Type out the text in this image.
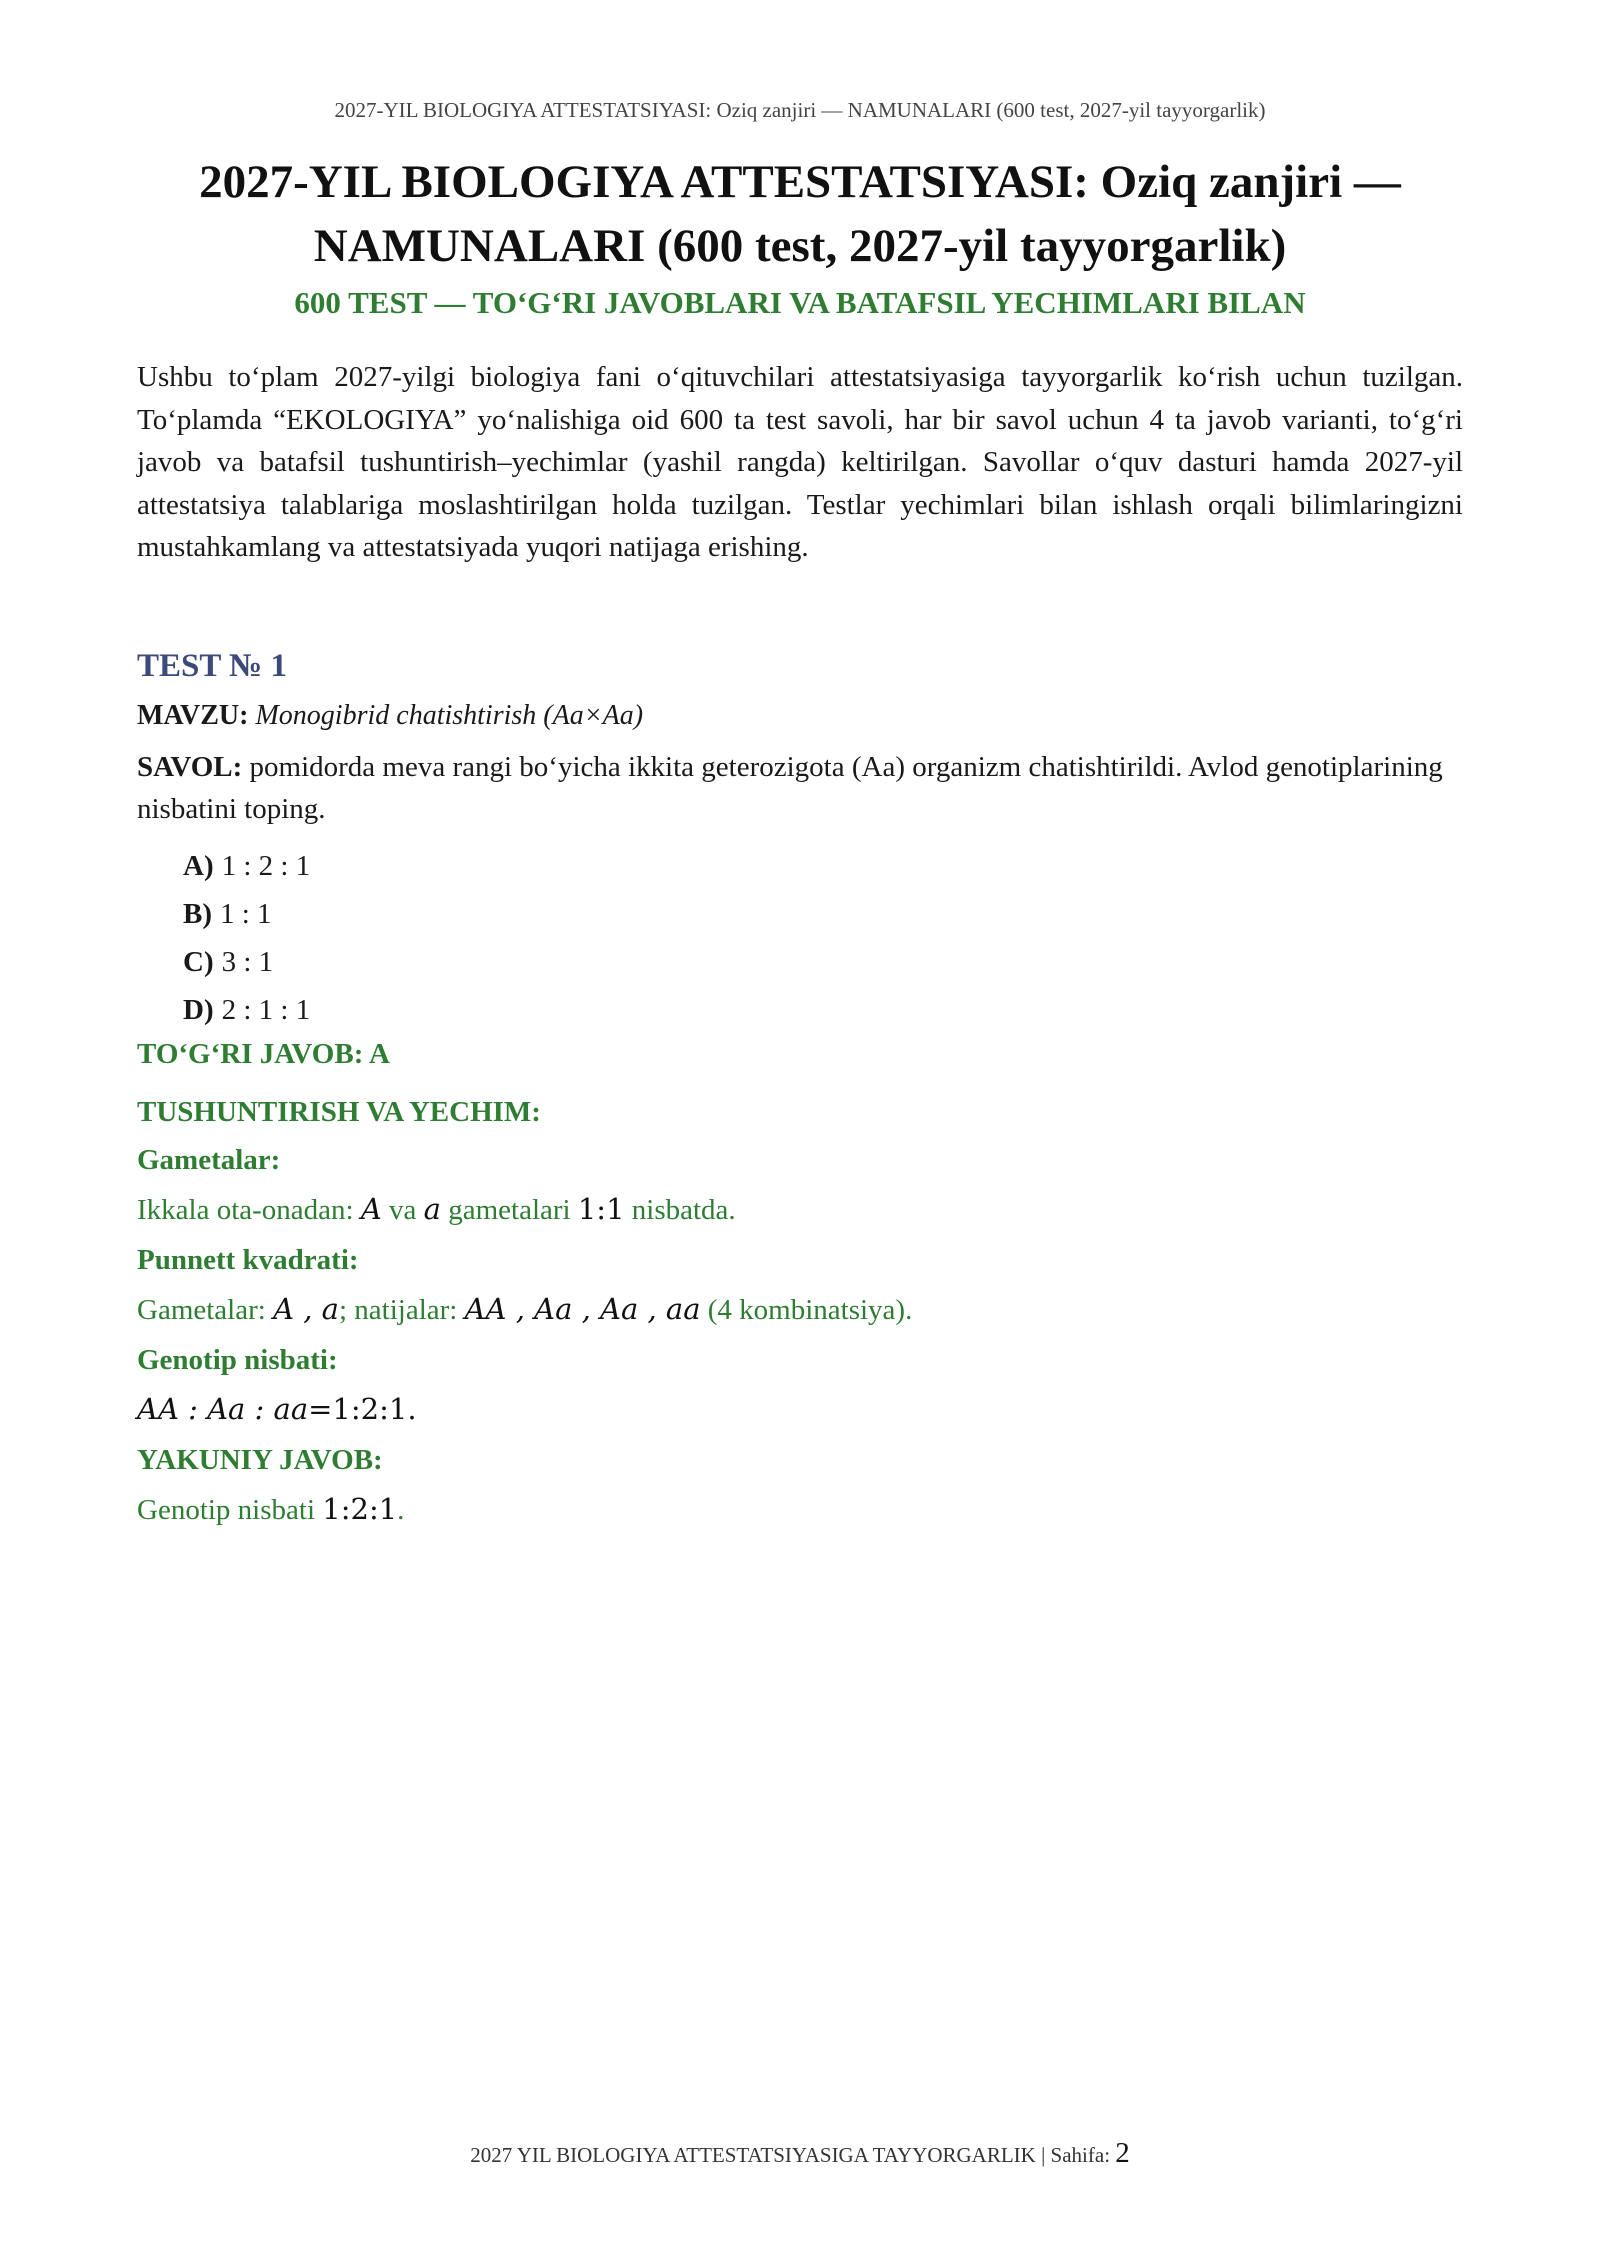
2027-YIL BIOLOGIYA ATTESTATSIYASI: Oziq zanjiri — NAMUNALARI (600 test, 2027-yil tayyorgarlik)
2027-YIL BIOLOGIYA ATTESTATSIYASI: Oziq zanjiri —
NAMUNALARI (600 test, 2027-yil tayyorgarlik)
600 TEST — TO‘G‘RI JAVOBLARI VA BATAFSIL YECHIMLARI BILAN

Ushbu to‘plam 2027-yilgi biologiya fani o‘qituvchilari attestatsiyasiga tayyorgarlik ko‘rish uchun tuzilgan. To‘plamda “EKOLOGIYA” yo‘nalishiga oid 600 ta test savoli, har bir savol uchun 4 ta javob varianti, to‘g‘ri javob va batafsil tushuntirish–yechimlar (yashil rangda) keltirilgan. Savollar o‘quv dasturi hamda 2027-yil attestatsiya talablariga moslashtirilgan holda tuzilgan. Testlar yechimlari bilan ishlash orqali bilimlaringizni mustahkamlang va attestatsiyada yuqori natijaga erishing.

TEST № 1

MAVZU: Monogibrid chatishtirish (Aa×Aa)

SAVOL: pomidorda meva rangi bo‘yicha ikkita geterozigota (Aa) organizm chatishtirildi. Avlod genotiplarining nisbatini toping.

A) 1 : 2 : 1
B) 1 : 1
C) 3 : 1
D) 2 : 1 : 1

TO‘G‘RI JAVOB: A

TUSHUNTIRISH VA YECHIM:

Gametalar:

Ikkala ota-onadan: A va a gametalari 1:1 nisbatda.

Punnett kvadrati:

Gametalar: A , a; natijalar: AA , Aa , Aa , aa (4 kombinatsiya).

Genotip nisbati:

AA : Aa : aa=1:2:1.

YAKUNIY JAVOB:

Genotip nisbati 1:2:1.

2027 YIL BIOLOGIYA ATTESTATSIYASIGA TAYYORGARLIK | Sahifa: 2
